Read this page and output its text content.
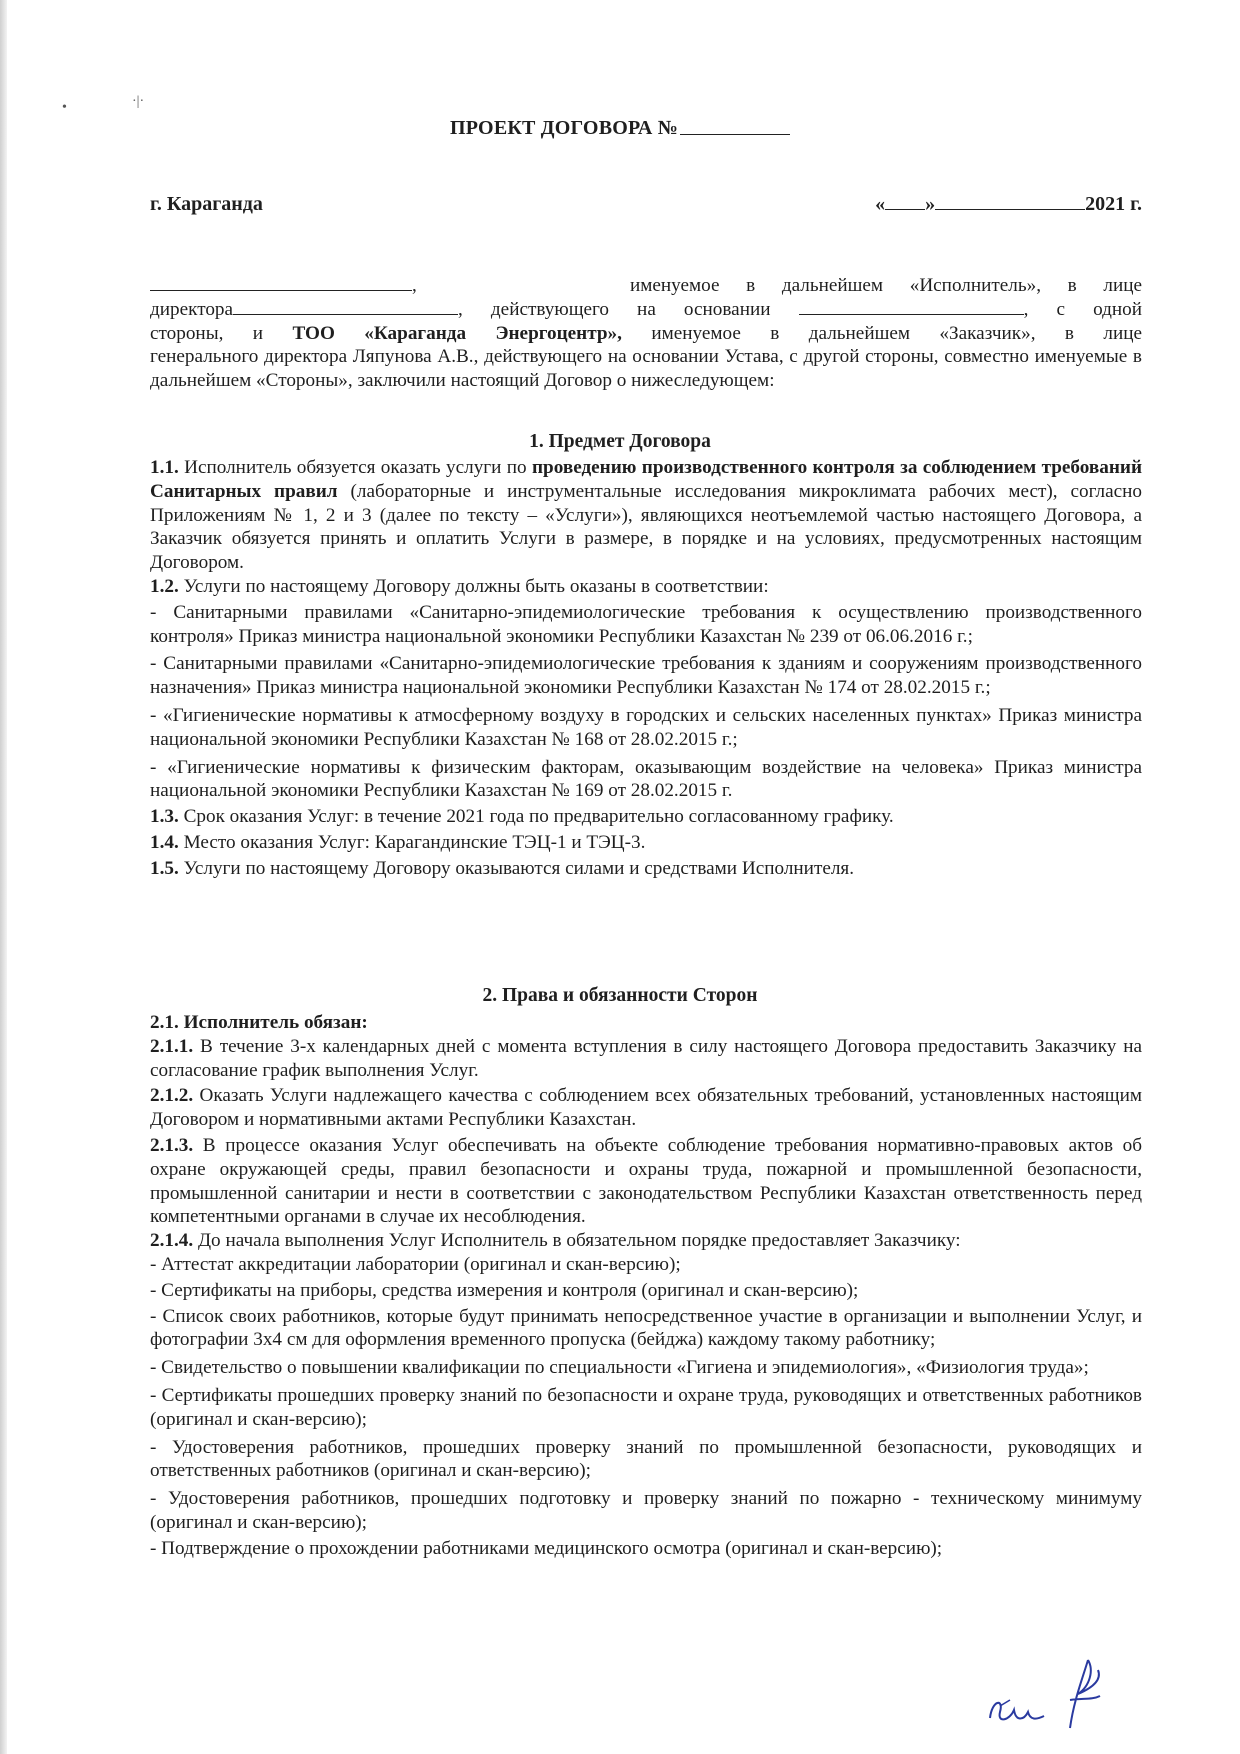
•	·|·
ПРОЕКТ ДОГОВОРА №
г. Караганда	« »	2021 г.
,        именуемое в дальнейшем «Исполнитель», в лице
директора	, действующего на основании	, с одной
стороны, и ТОО «Караганда Энергоцентр», именуемое в дальнейшем «Заказчик», в лице

генерального директора Ляпунова А.В., действующего на основании Устава, с другой стороны, совместно именуемые в дальнейшем «Стороны», заключили настоящий Договор о нижеследующем:

1. Предмет Договора

1.1. Исполнитель обязуется оказать услуги по проведению производственного контроля за соблюдением требований Санитарных правил (лабораторные и инструментальные исследования микроклимата рабочих мест), согласно Приложениям № 1, 2 и 3 (далее по тексту – «Услуги»), являющихся неотъемлемой частью настоящего Договора, а Заказчик обязуется принять и оплатить Услуги в размере, в порядке и на условиях, предусмотренных настоящим Договором.

1.2. Услуги по настоящему Договору должны быть оказаны в соответствии:

- Санитарными правилами «Санитарно-эпидемиологические требования к осуществлению производственного контроля» Приказ министра национальной экономики Республики Казахстан № 239 от 06.06.2016 г.;

- Санитарными правилами «Санитарно-эпидемиологические требования к зданиям и сооружениям производственного назначения» Приказ министра национальной экономики Республики Казахстан № 174 от 28.02.2015 г.;

- «Гигиенические нормативы к атмосферному воздуху в городских и сельских населенных пунктах» Приказ министра национальной экономики Республики Казахстан № 168 от 28.02.2015 г.;

- «Гигиенические нормативы к физическим факторам, оказывающим воздействие на человека» Приказ министра национальной экономики Республики Казахстан № 169 от 28.02.2015 г.

1.3. Срок оказания Услуг: в течение 2021 года по предварительно согласованному графику.

1.4. Место оказания Услуг: Карагандинские ТЭЦ-1 и ТЭЦ-3.

1.5. Услуги по настоящему Договору оказываются силами и средствами Исполнителя.

2. Права и обязанности Сторон

2.1. Исполнитель обязан:

2.1.1. В течение 3-х календарных дней с момента вступления в силу настоящего Договора предоставить Заказчику на согласование график выполнения Услуг.

2.1.2. Оказать Услуги надлежащего качества с соблюдением всех обязательных требований, установленных настоящим Договором и нормативными актами Республики Казахстан.

2.1.3. В процессе оказания Услуг обеспечивать на объекте соблюдение требования нормативно-правовых актов об охране окружающей среды, правил безопасности и охраны труда, пожарной и промышленной безопасности, промышленной санитарии и нести в соответствии с законодательством Республики Казахстан ответственность перед компетентными органами в случае их несоблюдения.

2.1.4. До начала выполнения Услуг Исполнитель в обязательном порядке предоставляет Заказчику:

- Аттестат аккредитации лаборатории (оригинал и скан-версию);

- Сертификаты на приборы, средства измерения и контроля (оригинал и скан-версию);

- Список своих работников, которые будут принимать непосредственное участие в организации и выполнении Услуг, и фотографии 3х4 см для оформления временного пропуска (бейджа) каждому такому работнику;

- Свидетельство о повышении квалификации по специальности «Гигиена и эпидемиология», «Физиология труда»;

- Сертификаты прошедших проверку знаний по безопасности и охране труда, руководящих и ответственных работников (оригинал и скан-версию);

- Удостоверения работников, прошедших проверку знаний по промышленной безопасности, руководящих и ответственных работников (оригинал и скан-версию);

- Удостоверения работников, прошедших подготовку и проверку знаний по пожарно - техническому минимуму (оригинал и скан-версию);

- Подтверждение о прохождении работниками медицинского осмотра (оригинал и скан-версию);
